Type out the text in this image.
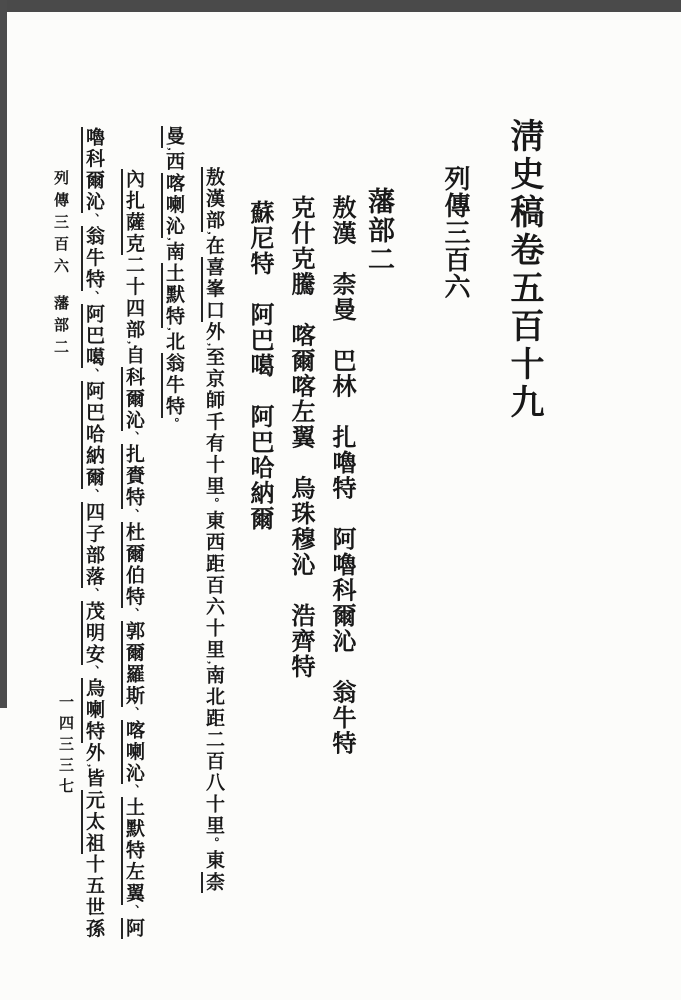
淸史稿卷五百十九
列傳三百六
藩部二
敖漢　柰曼　巴林　扎嚕特　阿嚕科爾沁　翁牛特
克什克騰　喀爾喀左翼　烏珠穆沁　浩齊特
蘇尼特　阿巴噶　阿巴哈納爾
敖漢部,在喜峯口外,至京師千有十里。東西距百六十里,南北距二百八十里。東柰
曼,西喀喇沁,南土默特,北翁牛特。
內扎薩克二十四部,自科爾沁、扎賚特、杜爾伯特、郭爾羅斯、喀喇沁、土默特左翼、阿
嚕科爾沁、翁牛特、阿巴噶、阿巴哈納爾、四子部落、茂明安、烏喇特外,皆元太祖十五世孫
列傳三百六藩部二
一四三三七
